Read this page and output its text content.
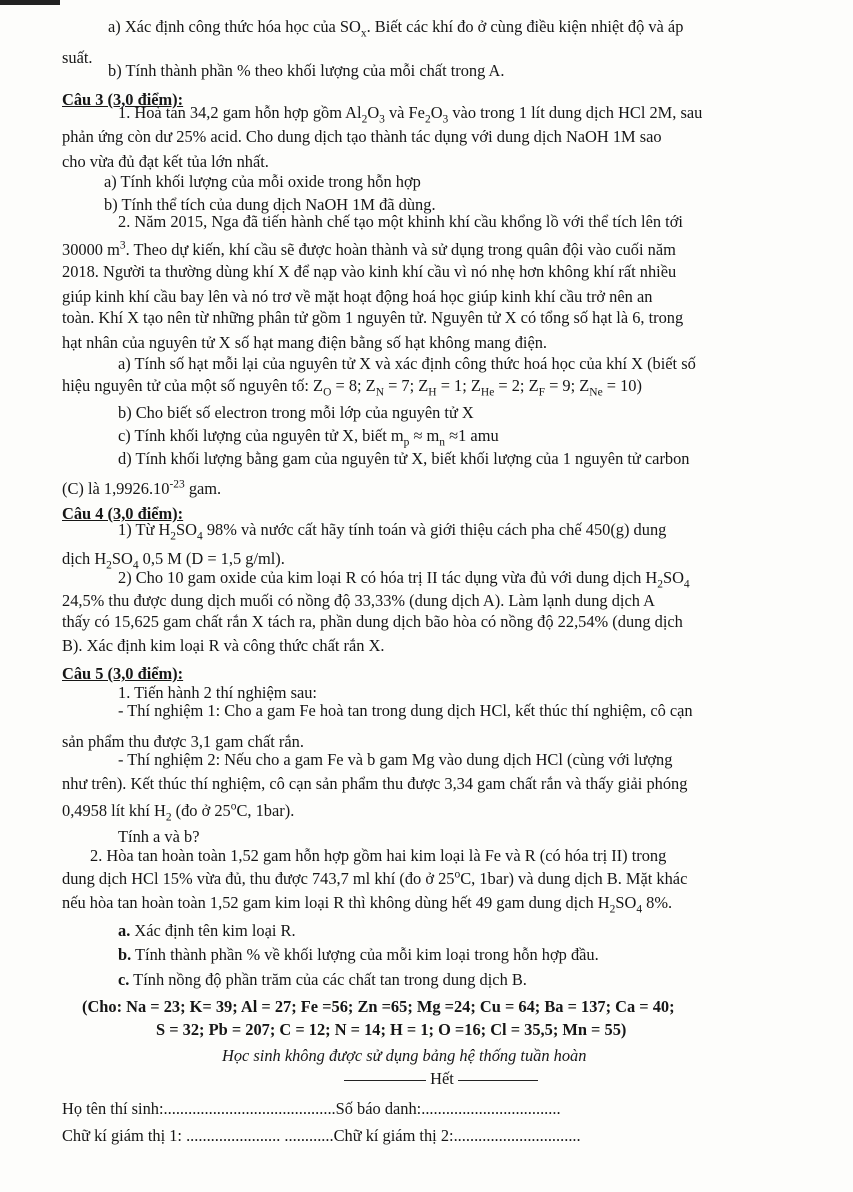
a) Xác định công thức hóa học của $SO_x$. Biết các khí đo ở cùng điều kiện nhiệt độ và áp
suất.
b) Tính thành phần % theo khối lượng của mỗi chất trong A.
Câu 3 (3,0 điểm):
1. Hoà tan 34,2 gam hỗn hợp gồm $Al_2O_3$ và $Fe_2O_3$ vào trong 1 lít dung dịch HCl 2M, sau
phản ứng còn dư 25% acid. Cho dung dịch tạo thành tác dụng với dung dịch NaOH 1M sao
cho vừa đủ đạt kết tủa lớn nhất.
a) Tính khối lượng của mỗi oxide trong hỗn hợp
b) Tính thể tích của dung dịch NaOH 1M đã dùng.
2. Năm 2015, Nga đã tiến hành chế tạo một khinh khí cầu khổng lồ với thể tích lên tới
30000 $m^3$. Theo dự kiến, khí cầu sẽ được hoàn thành và sử dụng trong quân đội vào cuối năm
2018. Người ta thường dùng khí X để nạp vào kinh khí cầu vì nó nhẹ hơn không khí rất nhiều
giúp kinh khí cầu bay lên và nó trơ về mặt hoạt động hoá học giúp kinh khí cầu trở nên an
toàn. Khí X tạo nên từ những phân tử gồm 1 nguyên tử. Nguyên tử X có tổng số hạt là 6, trong
hạt nhân của nguyên tử X số hạt mang điện bằng số hạt không mang điện.
a) Tính số hạt mỗi lại của nguyên tử X và xác định công thức hoá học của khí X (biết số
hiệu nguyên tử của một số nguyên tố: $Z_O = 8$; $Z_N = 7$; $Z_H = 1$; $Z_{He} = 2$; $Z_F = 9$; $Z_{Ne} = 10$)
b) Cho biết số electron trong mỗi lớp của nguyên tử X
c) Tính khối lượng của nguyên tử X, biết $m_p \approx m_n \approx 1$ amu
d) Tính khối lượng bằng gam của nguyên tử X, biết khối lượng của 1 nguyên tử carbon
(C) là $1,9926.10^{-23}$ gam.
Câu 4 (3,0 điểm):
1) Từ $H_2SO_4$ 98% và nước cất hãy tính toán và giới thiệu cách pha chế 450(g) dung
dịch $H_2SO_4$ 0,5 M (D = 1,5 g/ml).
2) Cho 10 gam oxide của kim loại R có hóa trị II tác dụng vừa đủ với dung dịch $H_2SO_4$
24,5% thu được dung dịch muối có nồng độ 33,33% (dung dịch A). Làm lạnh dung dịch A
thấy có 15,625 gam chất rắn X tách ra, phần dung dịch bão hòa có nồng độ 22,54% (dung dịch
B). Xác định kim loại R và công thức chất rắn X.
Câu 5 (3,0 điểm):
1. Tiến hành 2 thí nghiệm sau:
- Thí nghiệm 1: Cho a gam Fe hoà tan trong dung dịch HCl, kết thúc thí nghiệm, cô cạn
sản phẩm thu được 3,1 gam chất rắn.
- Thí nghiệm 2: Nếu cho a gam Fe và b gam Mg vào dung dịch HCl (cùng với lượng
như trên). Kết thúc thí nghiệm, cô cạn sản phẩm thu được 3,34 gam chất rắn và thấy giải phóng
0,4958 lít khí $H_2$ (đo ở 25$^o$C, 1bar).
Tính a và b?
2. Hòa tan hoàn toàn 1,52 gam hỗn hợp gồm hai kim loại là Fe và R (có hóa trị II) trong
dung dịch HCl 15% vừa đủ, thu được 743,7 ml khí (đo ở 25$^o$C, 1bar) và dung dịch B. Mặt khác
nếu hòa tan hoàn toàn 1,52 gam kim loại R thì không dùng hết 49 gam dung dịch $H_2SO_4$ 8%.
a. Xác định tên kim loại R.
b. Tính thành phần % về khối lượng của mỗi kim loại trong hỗn hợp đầu.
c. Tính nồng độ phần trăm của các chất tan trong dung dịch B.
(Cho: Na = 23; K= 39; Al = 27; Fe =56; Zn =65; Mg =24; Cu = 64; Ba = 137; Ca = 40;
S = 32; Pb = 207; C = 12; N = 14; H = 1; O =16; Cl = 35,5; Mn = 55)
Học sinh không được sử dụng bảng hệ thống tuần hoàn
Hết
Họ tên thí sinh:..........................................Số báo danh:..................................
Chữ kí giám thị 1: ....................... ............Chữ kí giám thị 2:...............................
